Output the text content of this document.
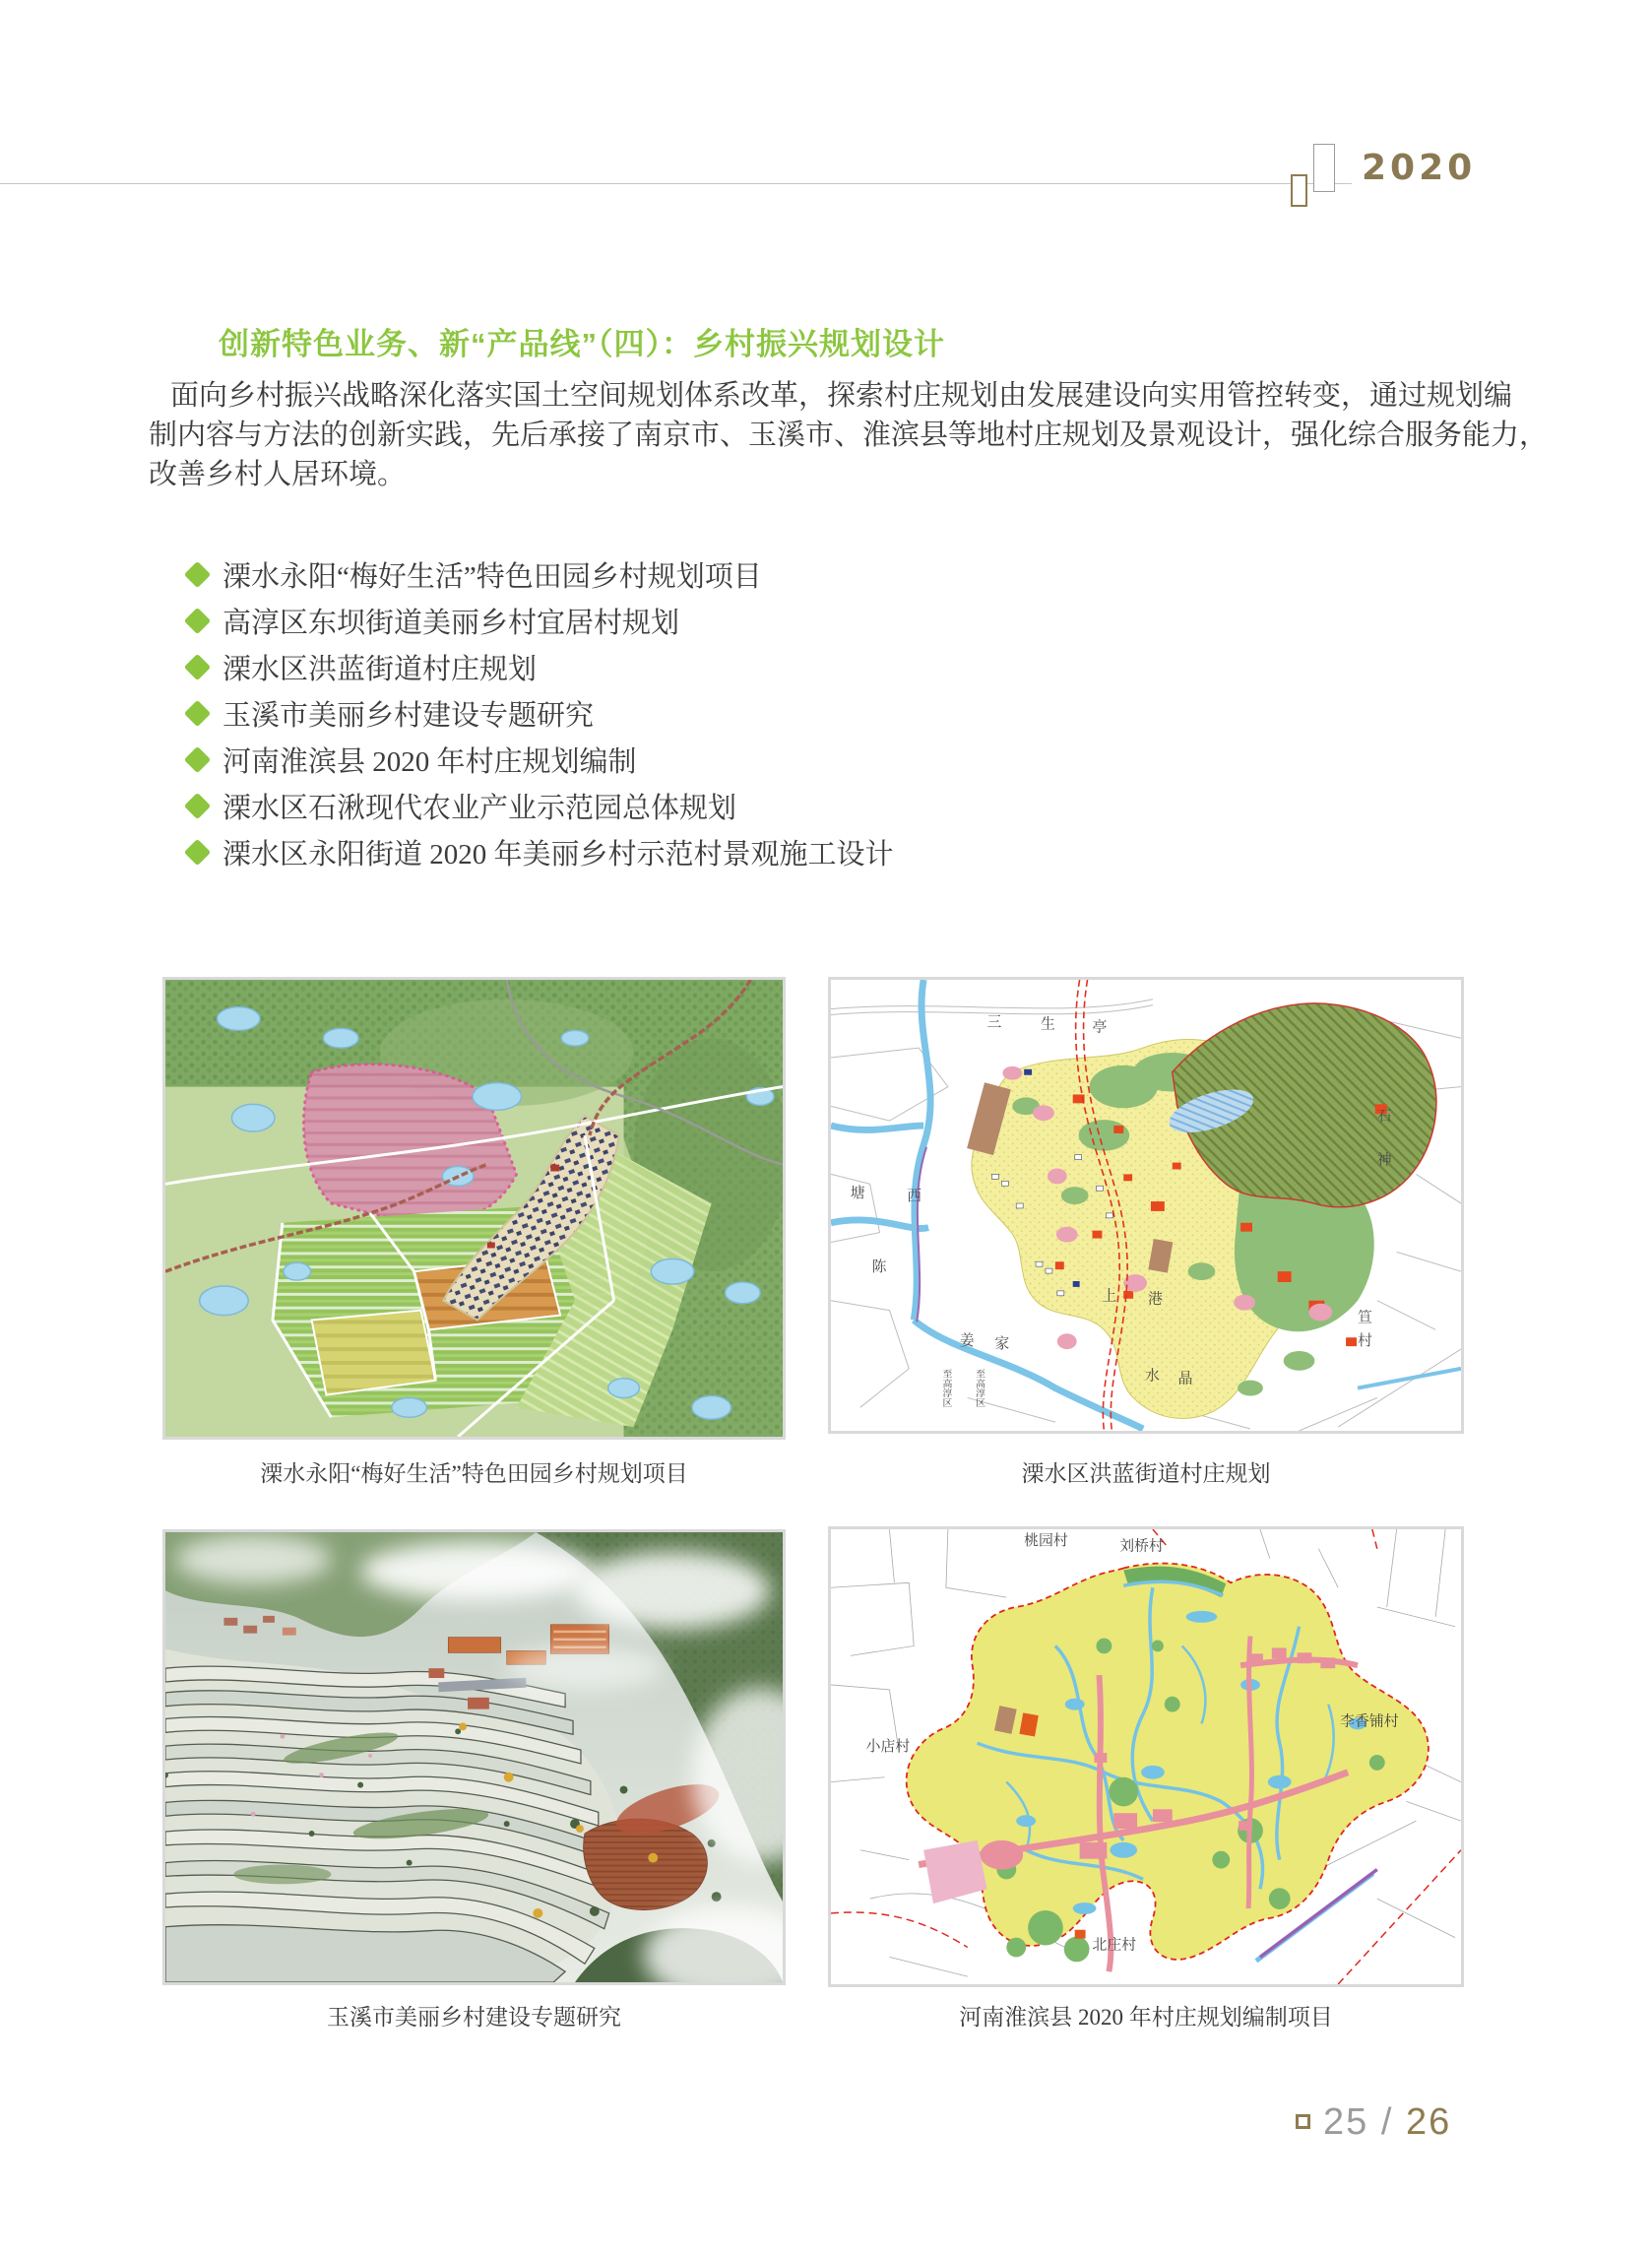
2020
创新特色业务、新“产品线”（四）：乡村振兴规划设计
面向乡村振兴战略深化落实国土空间规划体系改革，探索村庄规划由发展建设向实用管控转变，通过规划编
制内容与方法的创新实践，先后承接了南京市、玉溪市、淮滨县等地村庄规划及景观设计，强化综合服务能力，
改善乡村人居环境。
溧水永阳“梅好生活”特色田园乡村规划项目
高淳区东坝街道美丽乡村宜居村规划
溧水区洪蓝街道村庄规划
玉溪市美丽乡村建设专题研究
河南淮滨县 2020 年村庄规划编制
溧水区石湫现代农业产业示范园总体规划
溧水区永阳街道 2020 年美丽乡村示范村景观施工设计
三	生	亭
塘	西
陈
姜 家
上 港
水 晶
石
神
笪
村
至高淳区 至高淳区
桃园村	刘桥村
李香铺村
小店村
北庄村
溧水永阳“梅好生活”特色田园乡村规划项目	溧水区洪蓝街道村庄规划
玉溪市美丽乡村建设专题研究	河南淮滨县 2020 年村庄规划编制项目
25 / 26
